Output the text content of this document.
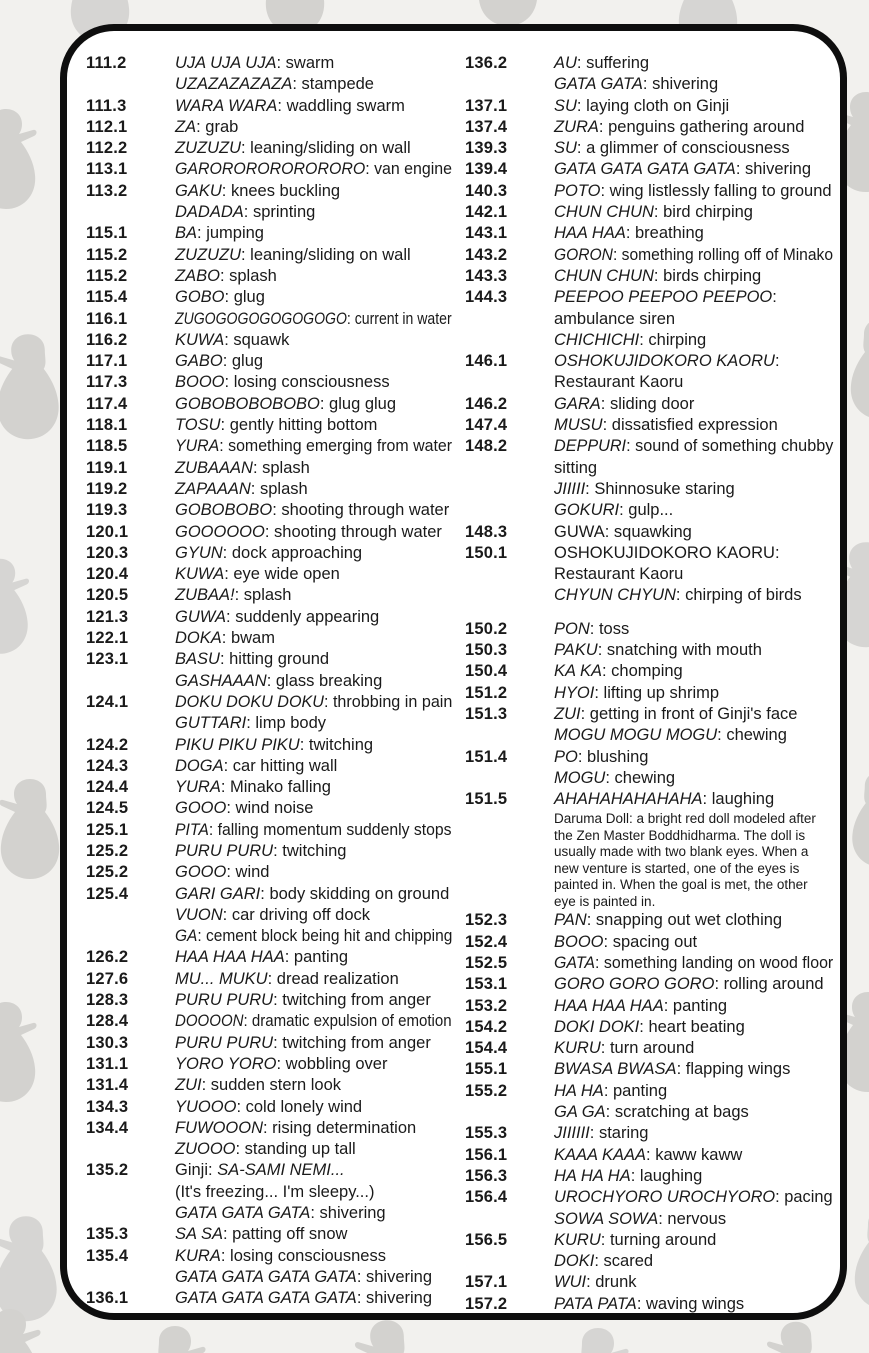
111.2	UJA UJA UJA: swarm
UZAZAZAZAZA: stampede
111.3	WARA WARA: waddling swarm
112.1	ZA: grab
112.2	ZUZUZU: leaning/sliding on wall
113.1	GARORORORORORORO: van engine
113.2	GAKU: knees buckling
DADADA: sprinting
115.1	BA: jumping
115.2	ZUZUZU: leaning/sliding on wall
115.2	ZABO: splash
115.4	GOBO: glug
116.1	ZUGOGOGOGOGOGOGO: current in water
116.2	KUWA: squawk
117.1	GABO: glug
117.3	BOOO: losing consciousness
117.4	GOBOBOBOBOBO: glug glug
118.1	TOSU: gently hitting bottom
118.5	YURA: something emerging from water
119.1	ZUBAAAN: splash
119.2	ZAPAAAN: splash
119.3	GOBOBOBO: shooting through water
120.1	GOOOOOO: shooting through water
120.3	GYUN: dock approaching
120.4	KUWA: eye wide open
120.5	ZUBAA!: splash
121.3	GUWA: suddenly appearing
122.1	DOKA: bwam
123.1	BASU: hitting ground
GASHAAAN: glass breaking
124.1	DOKU DOKU DOKU: throbbing in pain
GUTTARI: limp body
124.2	PIKU PIKU PIKU: twitching
124.3	DOGA: car hitting wall
124.4	YURA: Minako falling
124.5	GOOO: wind noise
125.1	PITA: falling momentum suddenly stops
125.2	PURU PURU: twitching
125.2	GOOO: wind
125.4	GARI GARI: body skidding on ground
VUON: car driving off dock
GA: cement block being hit and chipping
126.2	HAA HAA HAA: panting
127.6	MU... MUKU: dread realization
128.3	PURU PURU: twitching from anger
128.4	DOOOON: dramatic expulsion of emotion
130.3	PURU PURU: twitching from anger
131.1	YORO YORO: wobbling over
131.4	ZUI: sudden stern look
134.3	YUOOO: cold lonely wind
134.4	FUWOOON: rising determination
ZUOOO: standing up tall
135.2	Ginji: SA-SAMI NEMI...
(It's freezing... I'm sleepy...)
GATA GATA GATA: shivering
135.3	SA SA: patting off snow
135.4	KURA: losing consciousness
GATA GATA GATA GATA: shivering
136.1	GATA GATA GATA GATA: shivering
136.2	AU: suffering
GATA GATA: shivering
137.1	SU: laying cloth on Ginji
137.4	ZURA: penguins gathering around
139.3	SU: a glimmer of consciousness
139.4	GATA GATA GATA GATA: shivering
140.3	POTO: wing listlessly falling to ground
142.1	CHUN CHUN: bird chirping
143.1	HAA HAA: breathing
143.2	GORON: something rolling off of Minako
143.3	CHUN CHUN: birds chirping
144.3	PEEPOO PEEPOO PEEPOO:
ambulance siren
CHICHICHI: chirping
146.1	OSHOKUJIDOKORO KAORU:
Restaurant Kaoru
146.2	GARA: sliding door
147.4	MUSU: dissatisfied expression
148.2	DEPPURI: sound of something chubby
sitting
JIIIII: Shinnosuke staring
GOKURI: gulp...
148.3	GUWA: squawking
150.1	OSHOKUJIDOKORO KAORU:
Restaurant Kaoru
CHYUN CHYUN: chirping of birds
150.2	PON: toss
150.3	PAKU: snatching with mouth
150.4	KA KA: chomping
151.2	HYOI: lifting up shrimp
151.3	ZUI: getting in front of Ginji's face
MOGU MOGU MOGU: chewing
151.4	PO: blushing
MOGU: chewing
151.5	AHAHAHAHAHAHA: laughing
Daruma Doll: a bright red doll modeled after the Zen Master Boddhidharma. The doll is usually made with two blank eyes. When a new venture is started, one of the eyes is painted in. When the goal is met, the other eye is painted in.
152.3	PAN: snapping out wet clothing
152.4	BOOO: spacing out
152.5	GATA: something landing on wood floor
153.1	GORO GORO GORO: rolling around
153.2	HAA HAA HAA: panting
154.2	DOKI DOKI: heart beating
154.4	KURU: turn around
155.1	BWASA BWASA: flapping wings
155.2	HA HA: panting
GA GA: scratching at bags
155.3	JIIIIII: staring
156.1	KAAA KAAA: kaww kaww
156.3	HA HA HA: laughing
156.4	UROCHYORO UROCHYORO: pacing
SOWA SOWA: nervous
156.5	KURU: turning around
DOKI: scared
157.1	WUI: drunk
157.2	PATA PATA: waving wings
